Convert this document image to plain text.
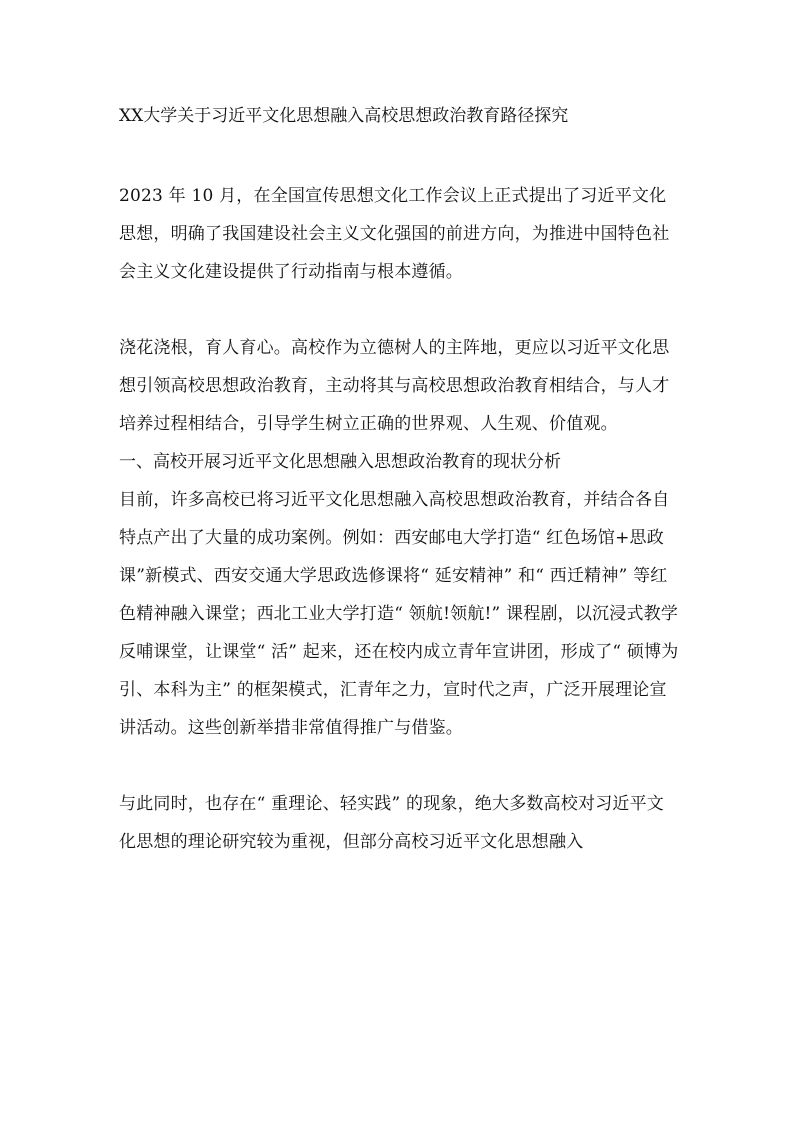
XX大学关于习近平文化思想融入高校思想政治教育路径探究

2023 年 10 月，在全国宣传思想文化工作会议上正式提出了习近平文化思想，明确了我国建设社会主义文化强国的前进方向，为推进中国特色社会主义文化建设提供了行动指南与根本遵循。

浇花浇根，育人育心。高校作为立德树人的主阵地，更应以习近平文化思想引领高校思想政治教育，主动将其与高校思想政治教育相结合，与人才培养过程相结合，引导学生树立正确的世界观、人生观、价值观。

一、高校开展习近平文化思想融入思想政治教育的现状分析

目前，许多高校已将习近平文化思想融入高校思想政治教育，并结合各自特点产出了大量的成功案例。例如：西安邮电大学打造“ 红色场馆+思政课”新模式、西安交通大学思政选修课将“ 延安精神” 和“ 西迁精神” 等红色精神融入课堂；西北工业大学打造“ 领航!领航!” 课程剧，以沉浸式教学反哺课堂，让课堂“ 活” 起来，还在校内成立青年宣讲团，形成了“ 硕博为引、本科为主” 的框架模式，汇青年之力，宣时代之声，广泛开展理论宣讲活动。这些创新举措非常值得推广与借鉴。

与此同时，也存在“ 重理论、轻实践” 的现象，绝大多数高校对习近平文化思想的理论研究较为重视，但部分高校习近平文化思想融入
